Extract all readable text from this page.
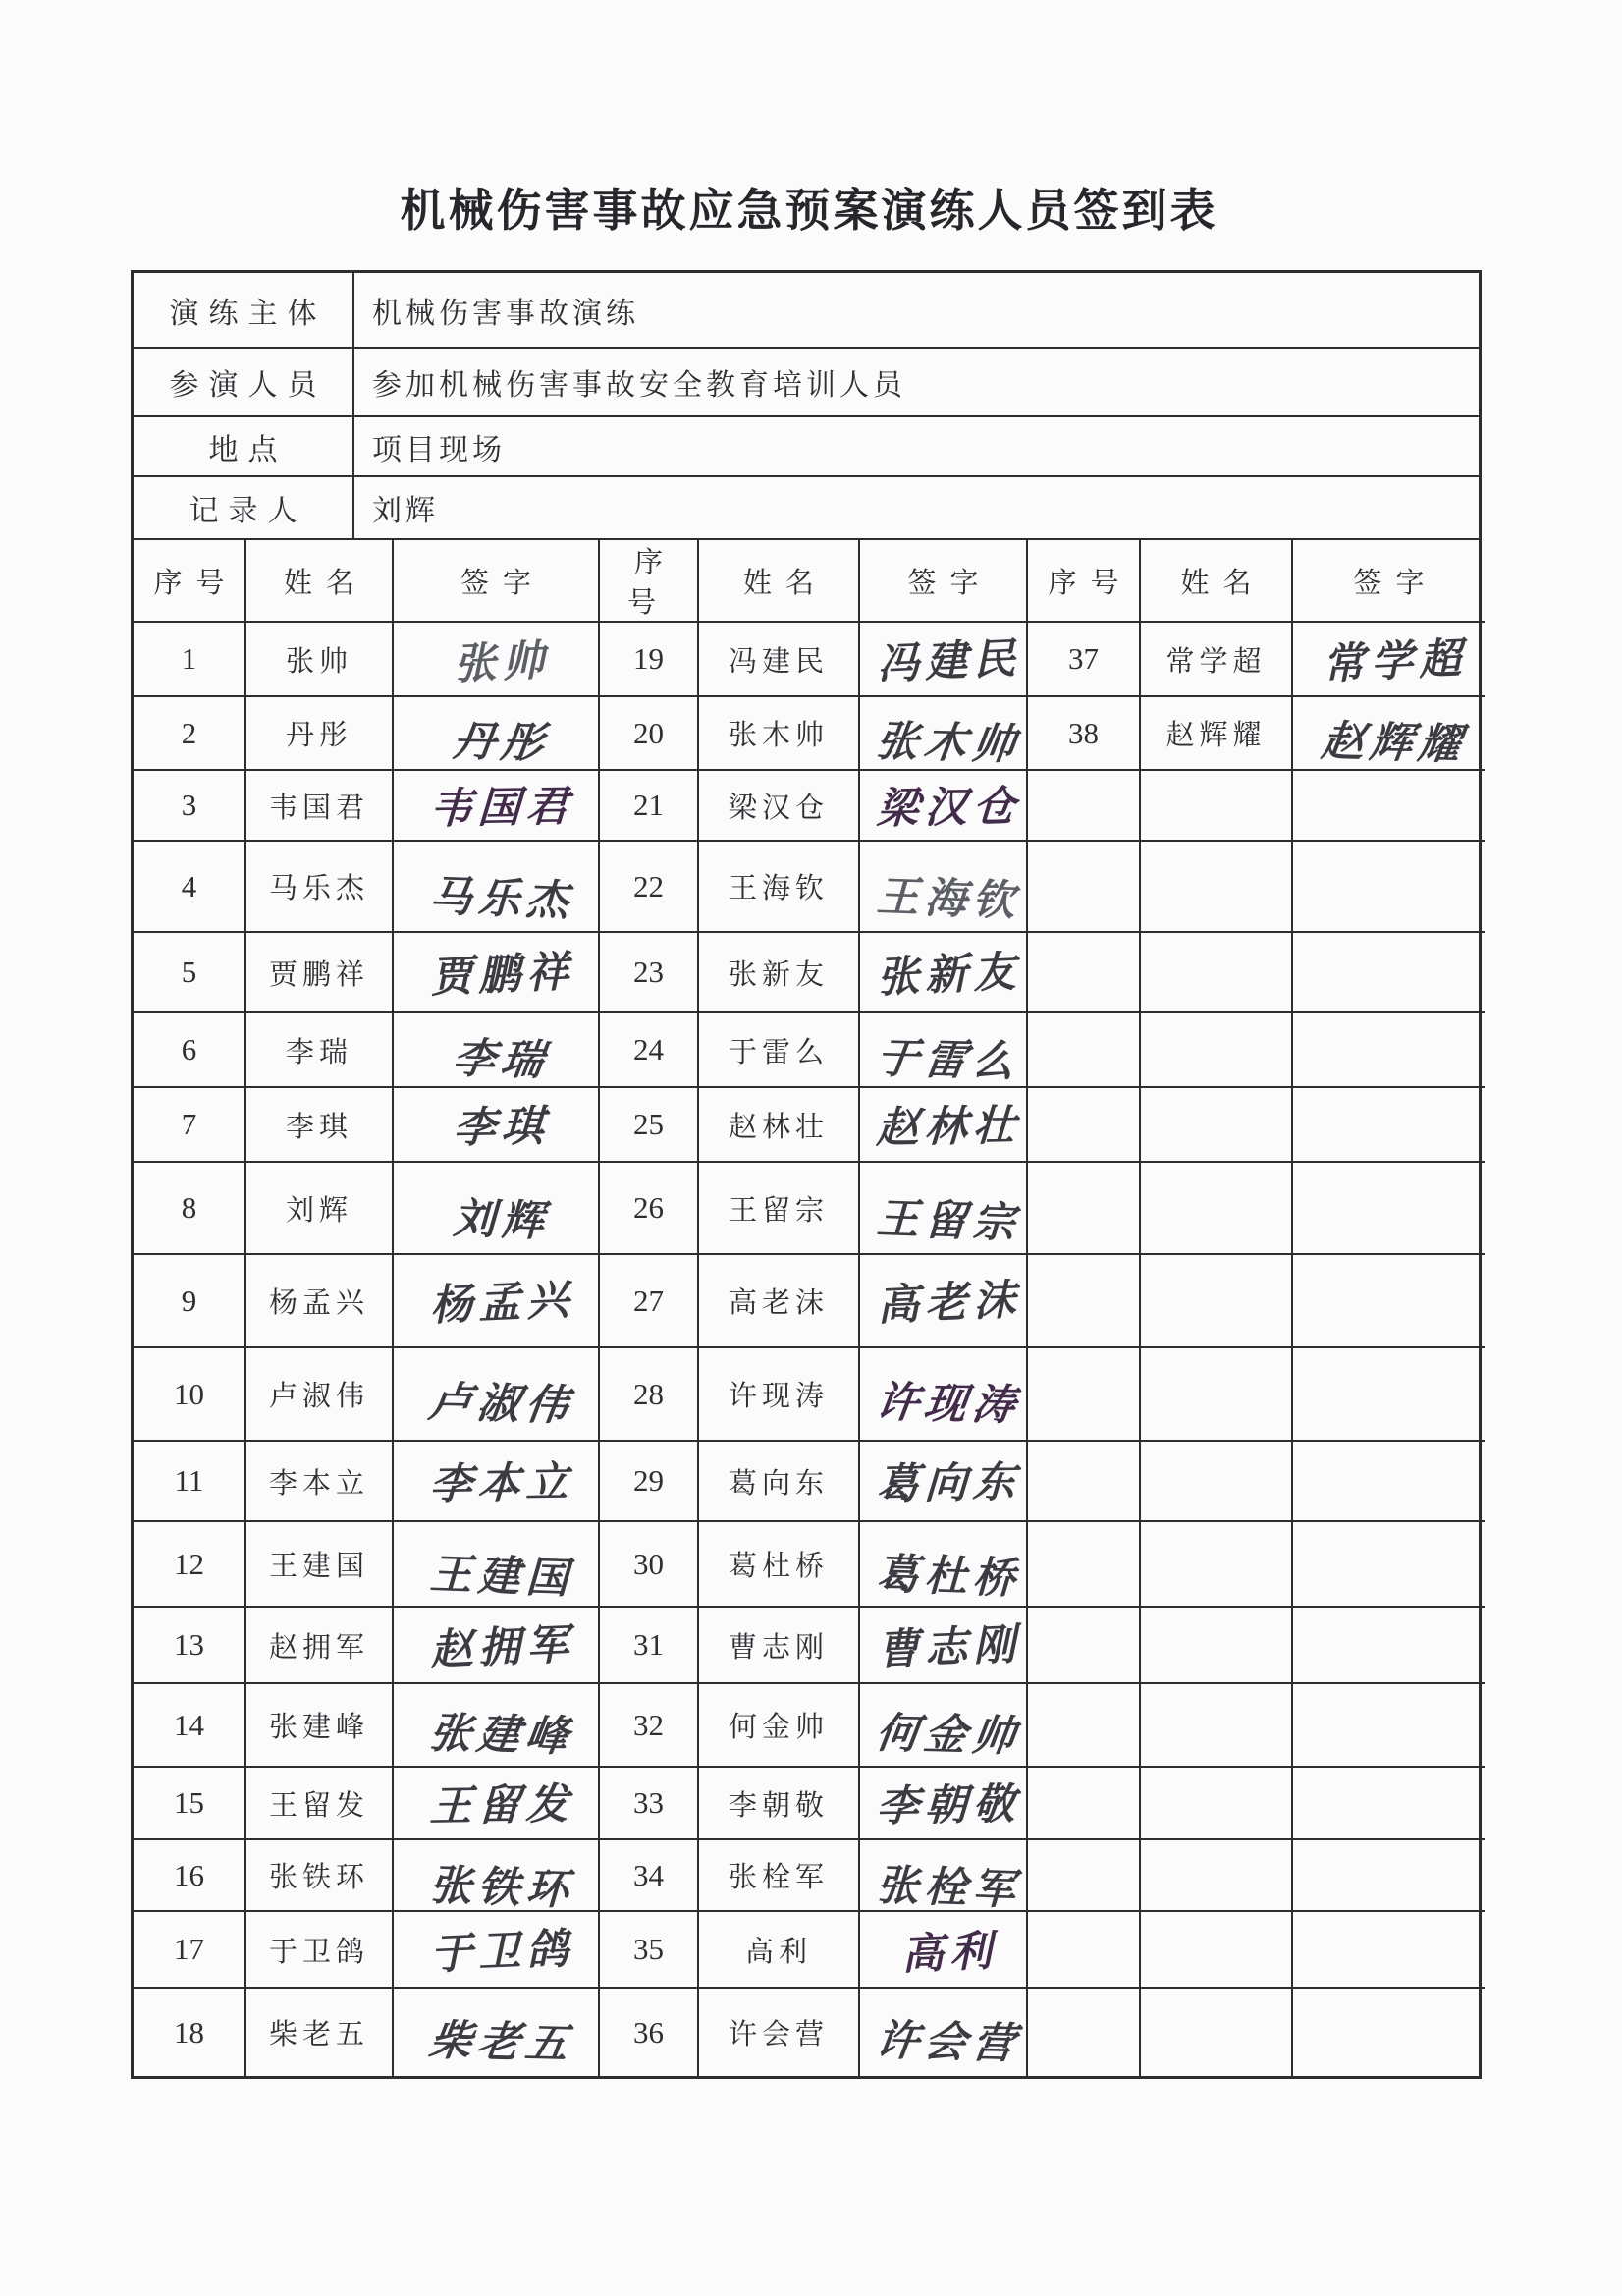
机械伤害事故应急预案演练人员签到表
演练主体	机械伤害事故演练
参演人员	参加机械伤害事故安全教育培训人员
地点	项目现场
记录人	刘辉
序号	姓名	签字	序号	姓名	签字	序号	姓名	签字
1	张帅	张帅	19	冯建民	冯建民	37	常学超	常学超
2	丹彤	丹彤	20	张木帅	张木帅	38	赵辉耀	赵辉耀
3	韦国君	韦国君	21	梁汉仓	梁汉仓			
4	马乐杰	马乐杰	22	王海钦	王海钦			
5	贾鹏祥	贾鹏祥	23	张新友	张新友			
6	李瑞	李瑞	24	于雷么	于雷么			
7	李琪	李琪	25	赵林壮	赵林壮			
8	刘辉	刘辉	26	王留宗	王留宗			
9	杨孟兴	杨孟兴	27	高老沫	高老沫			
10	卢淑伟	卢淑伟	28	许现涛	许现涛			
11	李本立	李本立	29	葛向东	葛向东			
12	王建国	王建国	30	葛杜桥	葛杜桥			
13	赵拥军	赵拥军	31	曹志刚	曹志刚			
14	张建峰	张建峰	32	何金帅	何金帅			
15	王留发	王留发	33	李朝敬	李朝敬			
16	张铁环	张铁环	34	张栓军	张栓军			
17	于卫鸽	于卫鸽	35	高利	高利			
18	柴老五	柴老五	36	许会营	许会营			
